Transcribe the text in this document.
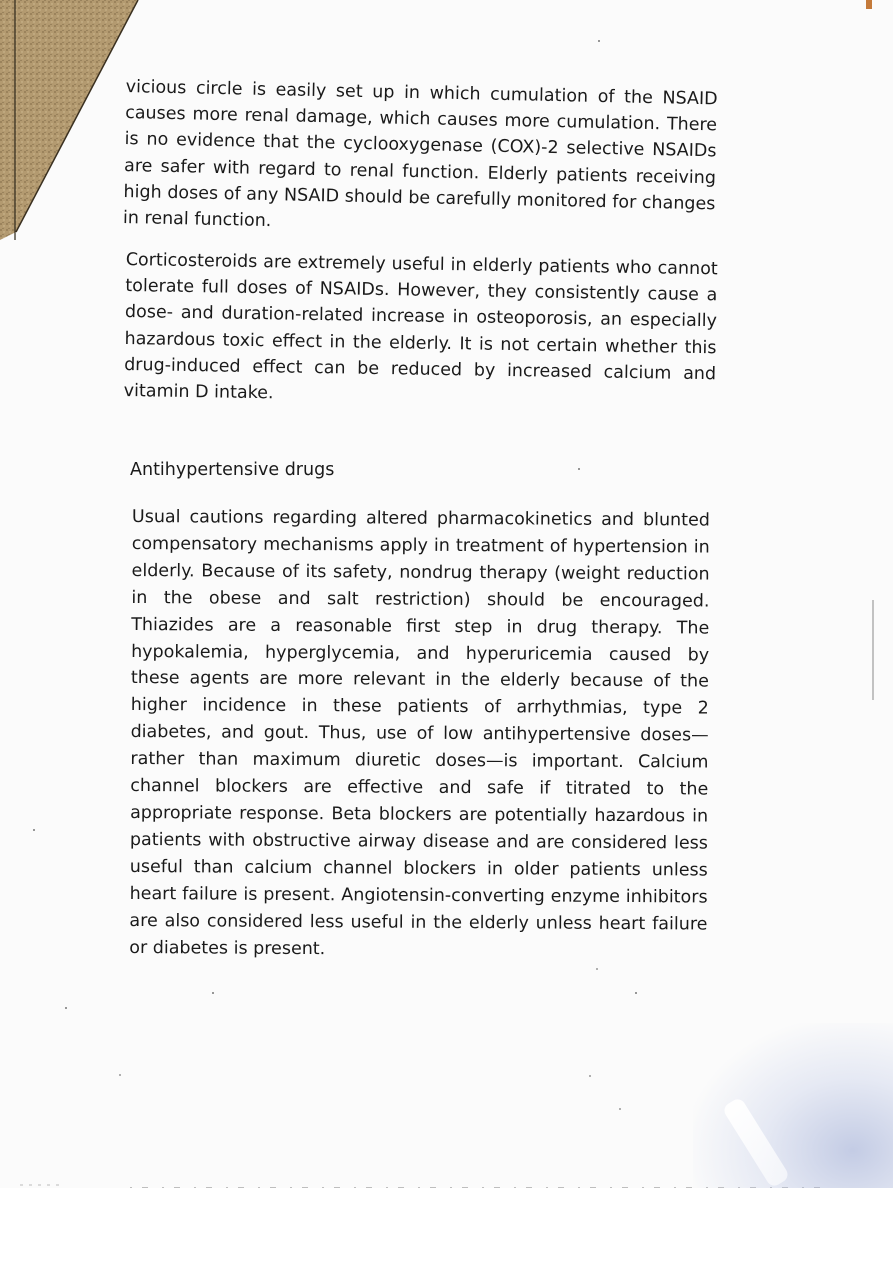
vicious circle is easily set up in which cumulation of the NSAID causes more renal damage, which causes more cumulation. There is no evidence that the cyclooxygenase (COX)-2 selective NSAIDs are safer with regard to renal function. Elderly patients receiving high doses of any NSAID should be carefully monitored for changes in renal function.

Corticosteroids are extremely useful in elderly patients who cannot tolerate full doses of NSAIDs. However, they consistently cause a dose- and duration-related increase in osteoporosis, an especially hazardous toxic effect in the elderly. It is not certain whether this drug-induced effect can be reduced by increased calcium and vitamin D intake.

Antihypertensive drugs

Usual cautions regarding altered pharmacokinetics and blunted compensatory mechanisms apply in treatment of hypertension in elderly. Because of its safety, nondrug therapy (weight reduction in the obese and salt restriction) should be encouraged. Thiazides are a reasonable first step in drug therapy. The hypokalemia, hyperglycemia, and hyperuricemia caused by these agents are more relevant in the elderly because of the higher incidence in these patients of arrhythmias, type 2 diabetes, and gout. Thus, use of low antihypertensive doses—rather than maximum diuretic doses—is important. Calcium channel blockers are effective and safe if titrated to the appropriate response. Beta blockers are potentially hazardous in patients with obstructive airway disease and are considered less useful than calcium channel blockers in older patients unless heart failure is present. Angiotensin-converting enzyme inhibitors are also considered less useful in the elderly unless heart failure or diabetes is present.
